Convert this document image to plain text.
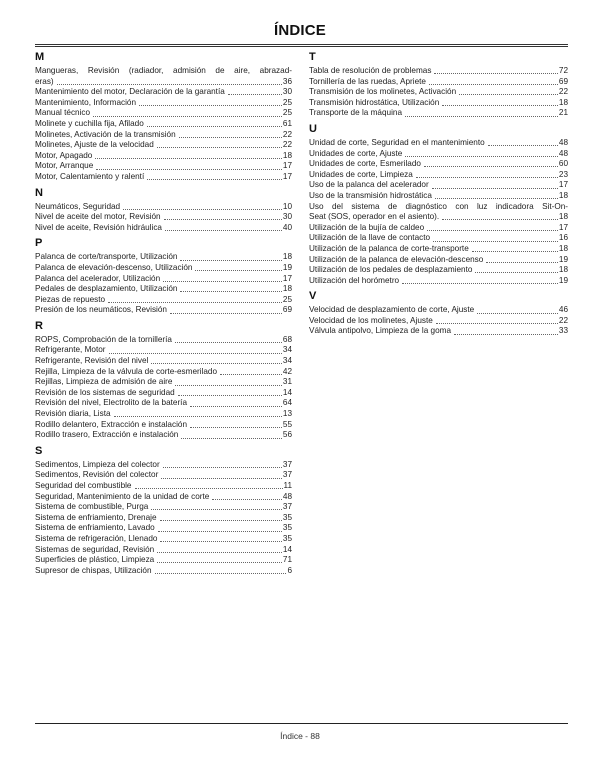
ÍNDICE
M
Mangueras, Revisión (radiador, admisión de aire, abrazad-
eras)	36
Mantenimiento del motor, Declaración de la garantía	30
Mantenimiento, Información	25
Manual técnico	25
Molinete y cuchilla fija, Afilado	61
Molinetes, Activación de la transmisión	22
Molinetes, Ajuste de la velocidad	22
Motor, Apagado	18
Motor, Arranque	17
Motor, Calentamiento y ralentí	17
N
Neumáticos, Seguridad	10
Nivel de aceite del motor, Revisión	30
Nivel de aceite, Revisión hidráulica	40
P
Palanca de corte/transporte, Utilización	18
Palanca de elevación-descenso, Utilización	19
Palanca del acelerador, Utilización	17
Pedales de desplazamiento, Utilización	18
Piezas de repuesto	25
Presión de los neumáticos, Revisión	69
R
ROPS, Comprobación de la tornillería	68
Refrigerante, Motor	34
Refrigerante, Revisión del nivel	34
Rejilla, Limpieza de la válvula de corte-esmerilado	42
Rejillas, Limpieza de admisión de aire	31
Revisión de los sistemas de seguridad	14
Revisión del nivel, Electrolito de la batería	64
Revisión diaria, Lista	13
Rodillo delantero, Extracción e instalación	55
Rodillo trasero, Extracción e instalación	56
S
Sedimentos, Limpieza del colector	37
Sedimentos, Revisión del colector	37
Seguridad del combustible	11
Seguridad, Mantenimiento de la unidad de corte	48
Sistema de combustible, Purga	37
Sistema de enfriamiento, Drenaje	35
Sistema de enfriamiento, Lavado	35
Sistema de refrigeración, Llenado	35
Sistemas de seguridad, Revisión	14
Superficies de plástico, Limpieza	71
Supresor de chispas, Utilización	6
T
Tabla de resolución de problemas	72
Tornillería de las ruedas, Apriete	69
Transmisión de los molinetes, Activación	22
Transmisión hidrostática, Utilización	18
Transporte de la máquina	21
U
Unidad de corte, Seguridad en el mantenimiento	48
Unidades de corte, Ajuste	48
Unidades de corte, Esmerilado	60
Unidades de corte, Limpieza	23
Uso de la palanca del acelerador	17
Uso de la transmisión hidrostática	18
Uso del sistema de diagnóstico con luz indicadora Sit-On-
Seat (SOS, operador en el asiento).	18
Utilización de la bujía de caldeo	17
Utilización de la llave de contacto	16
Utilización de la palanca de corte-transporte	18
Utilización de la palanca de elevación-descenso	19
Utilización de los pedales de desplazamiento	18
Utilización del horómetro	19
V
Velocidad de desplazamiento de corte, Ajuste	46
Velocidad de los molinetes, Ajuste	22
Válvula antipolvo, Limpieza de la goma	33
Índice - 88
